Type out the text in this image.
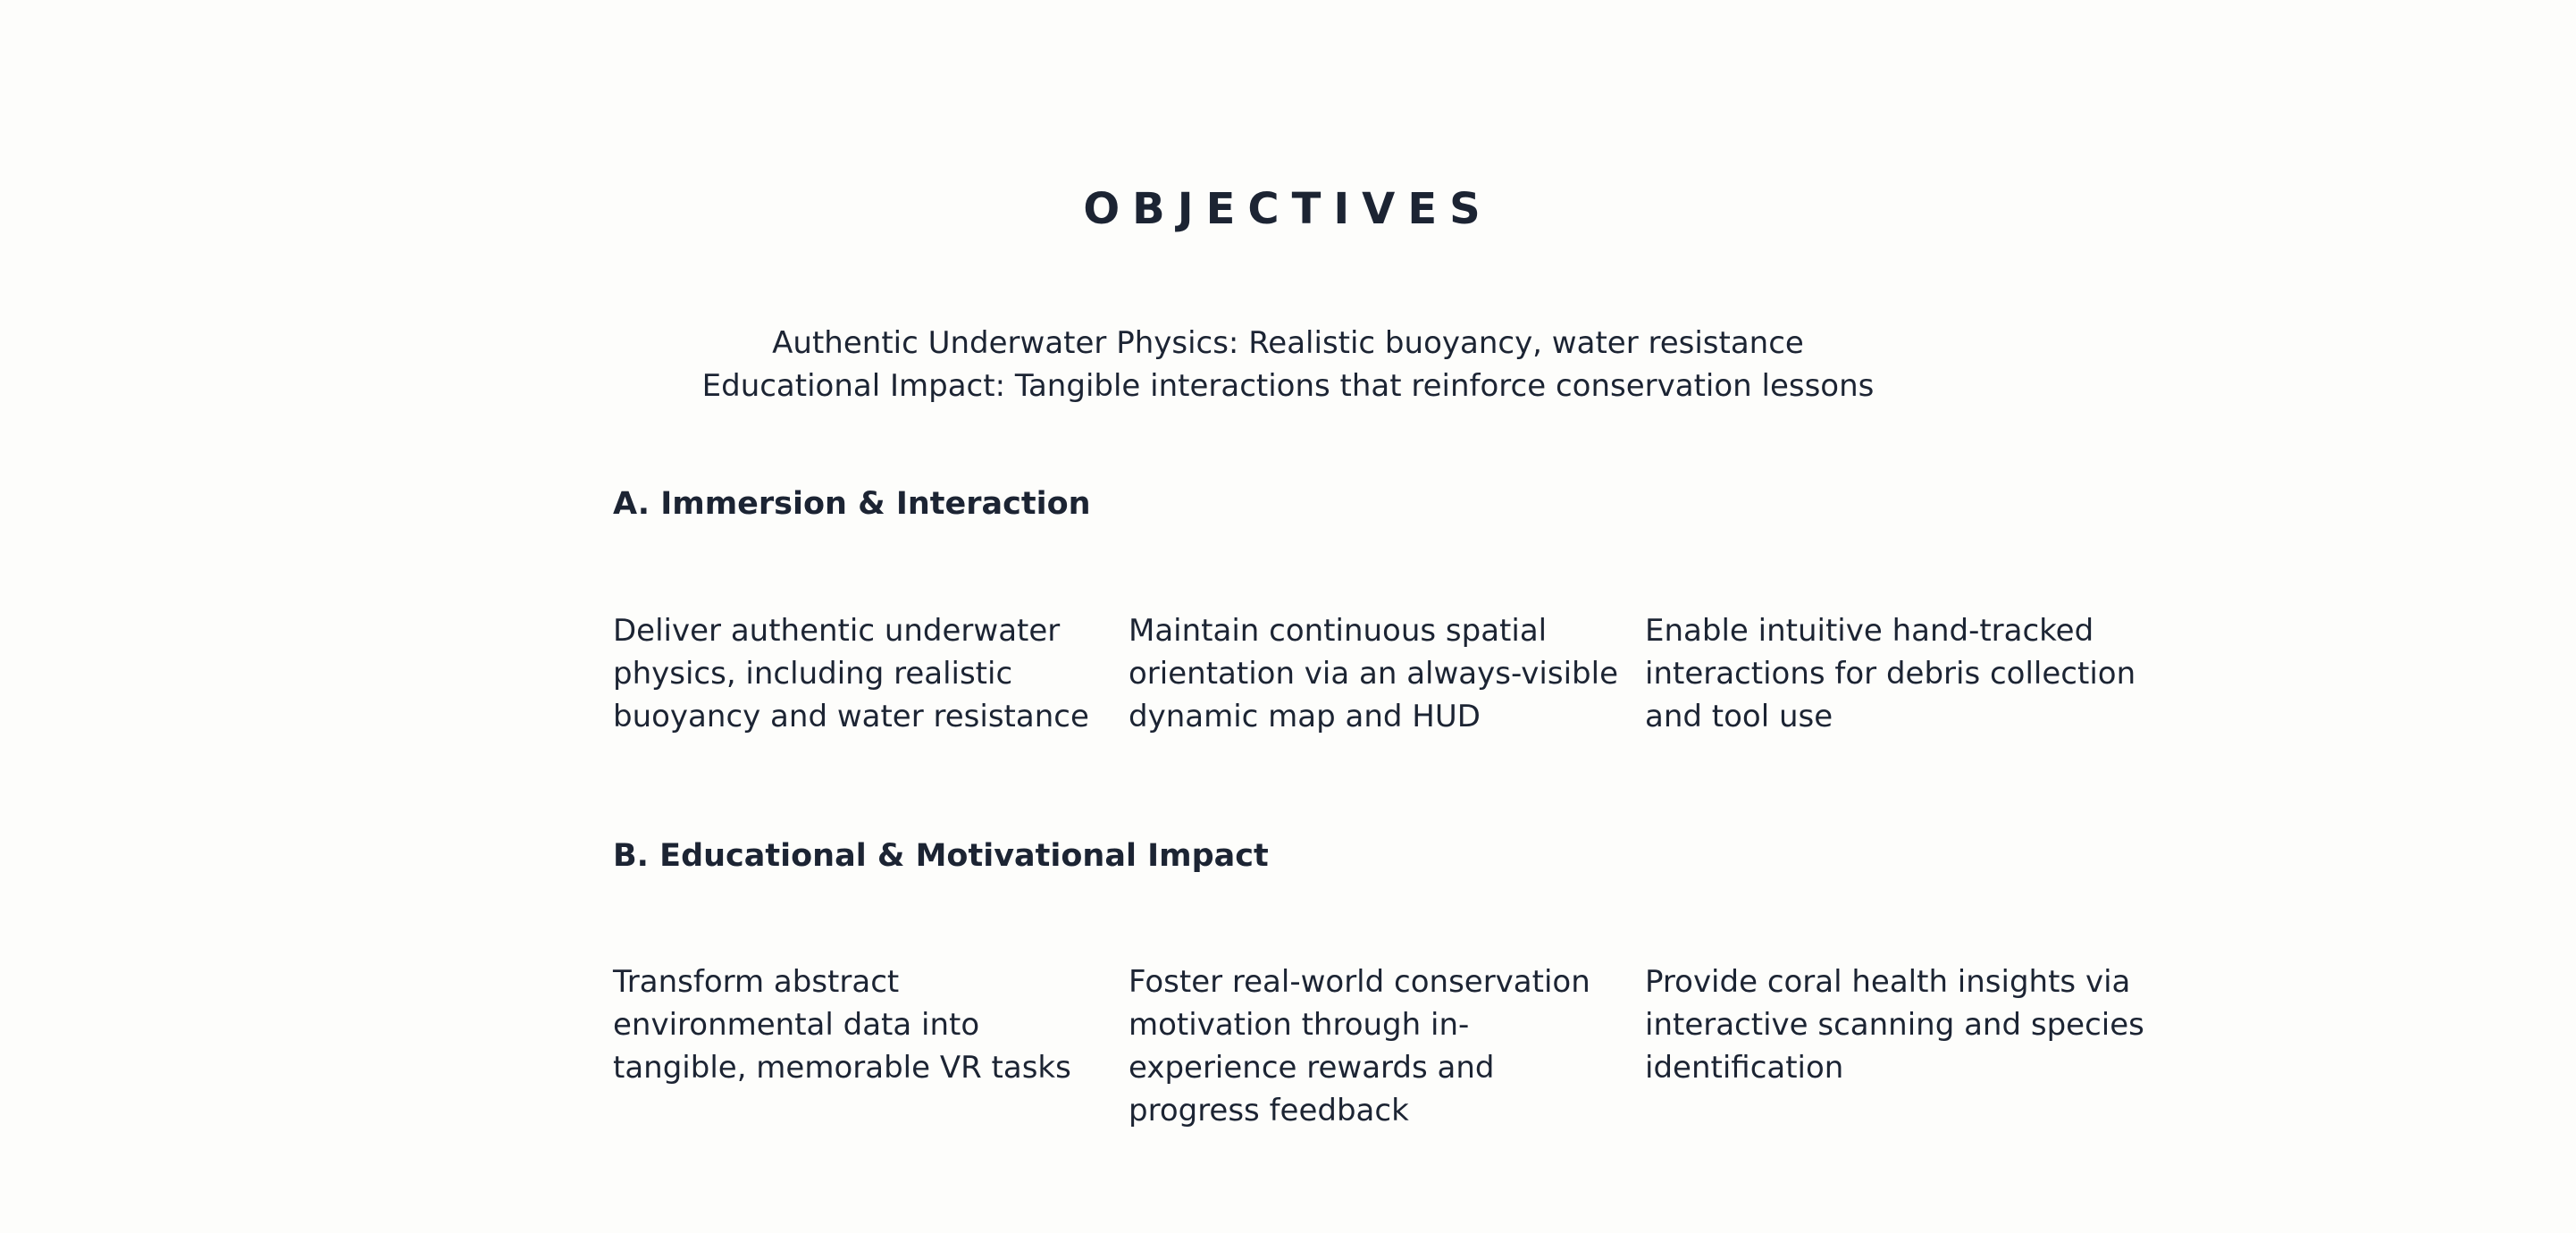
OBJECTIVES
Authentic Underwater Physics: Realistic buoyancy, water resistance
Educational Impact: Tangible interactions that reinforce conservation lessons
A. Immersion & Interaction
Deliver authentic underwater physics, including realistic buoyancy and water resistance
Maintain continuous spatial orientation via an always-visible dynamic map and HUD
Enable intuitive hand-tracked interactions for debris collection and tool use
B. Educational & Motivational Impact
Transform abstract environmental data into tangible, memorable VR tasks
Foster real-world conservation motivation through in-experience rewards and progress feedback
Provide coral health insights via interactive scanning and species identification
